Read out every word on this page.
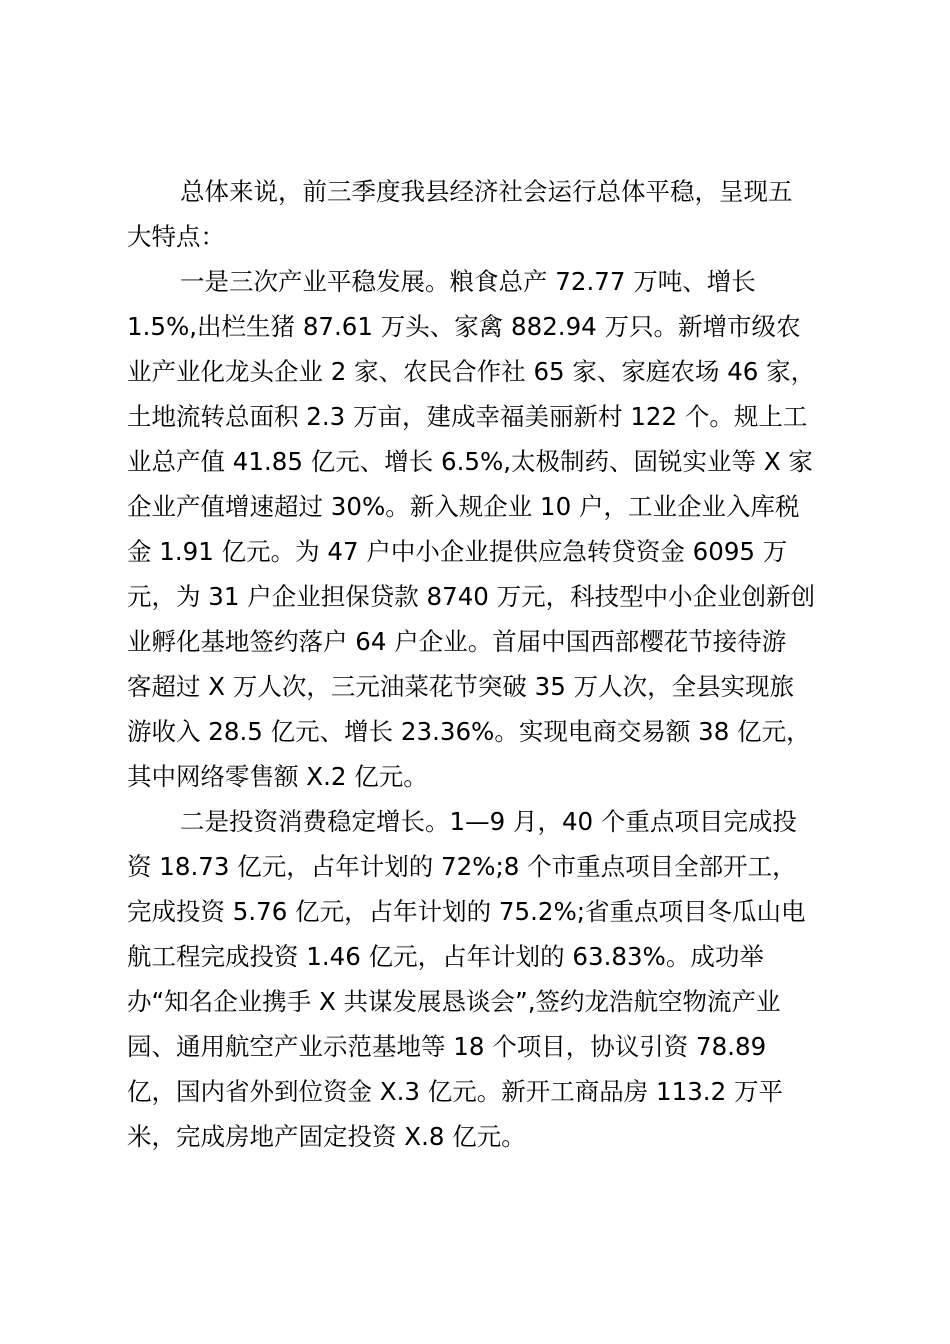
总体来说，前三季度我县经济社会运行总体平稳，呈现五

大特点：

一是三次产业平稳发展。粮食总产 72.77 万吨、增长

1.5%,出栏生猪 87.61 万头、家禽 882.94 万只。新增市级农

业产业化龙头企业 2 家、农民合作社 65 家、家庭农场 46 家，

土地流转总面积 2.3 万亩，建成幸福美丽新村 122 个。规上工

业总产值 41.85 亿元、增长 6.5%,太极制药、固锐实业等 X 家

企业产值增速超过 30%。新入规企业 10 户，工业企业入库税

金 1.91 亿元。为 47 户中小企业提供应急转贷资金 6095 万

元，为 31 户企业担保贷款 8740 万元，科技型中小企业创新创

业孵化基地签约落户 64 户企业。首届中国西部樱花节接待游

客超过 X 万人次，三元油菜花节突破 35 万人次，全县实现旅

游收入 28.5 亿元、增长 23.36%。实现电商交易额 38 亿元，

其中网络零售额 X.2 亿元。

二是投资消费稳定增长。1—9 月，40 个重点项目完成投

资 18.73 亿元，占年计划的 72%;8 个市重点项目全部开工，

完成投资 5.76 亿元，占年计划的 75.2%;省重点项目冬瓜山电

航工程完成投资 1.46 亿元，占年计划的 63.83%。成功举

办“知名企业携手 X 共谋发展恳谈会”,签约龙浩航空物流产业

园、通用航空产业示范基地等 18 个项目，协议引资 78.89

亿，国内省外到位资金 X.3 亿元。新开工商品房 113.2 万平

米，完成房地产固定投资 X.8 亿元。
